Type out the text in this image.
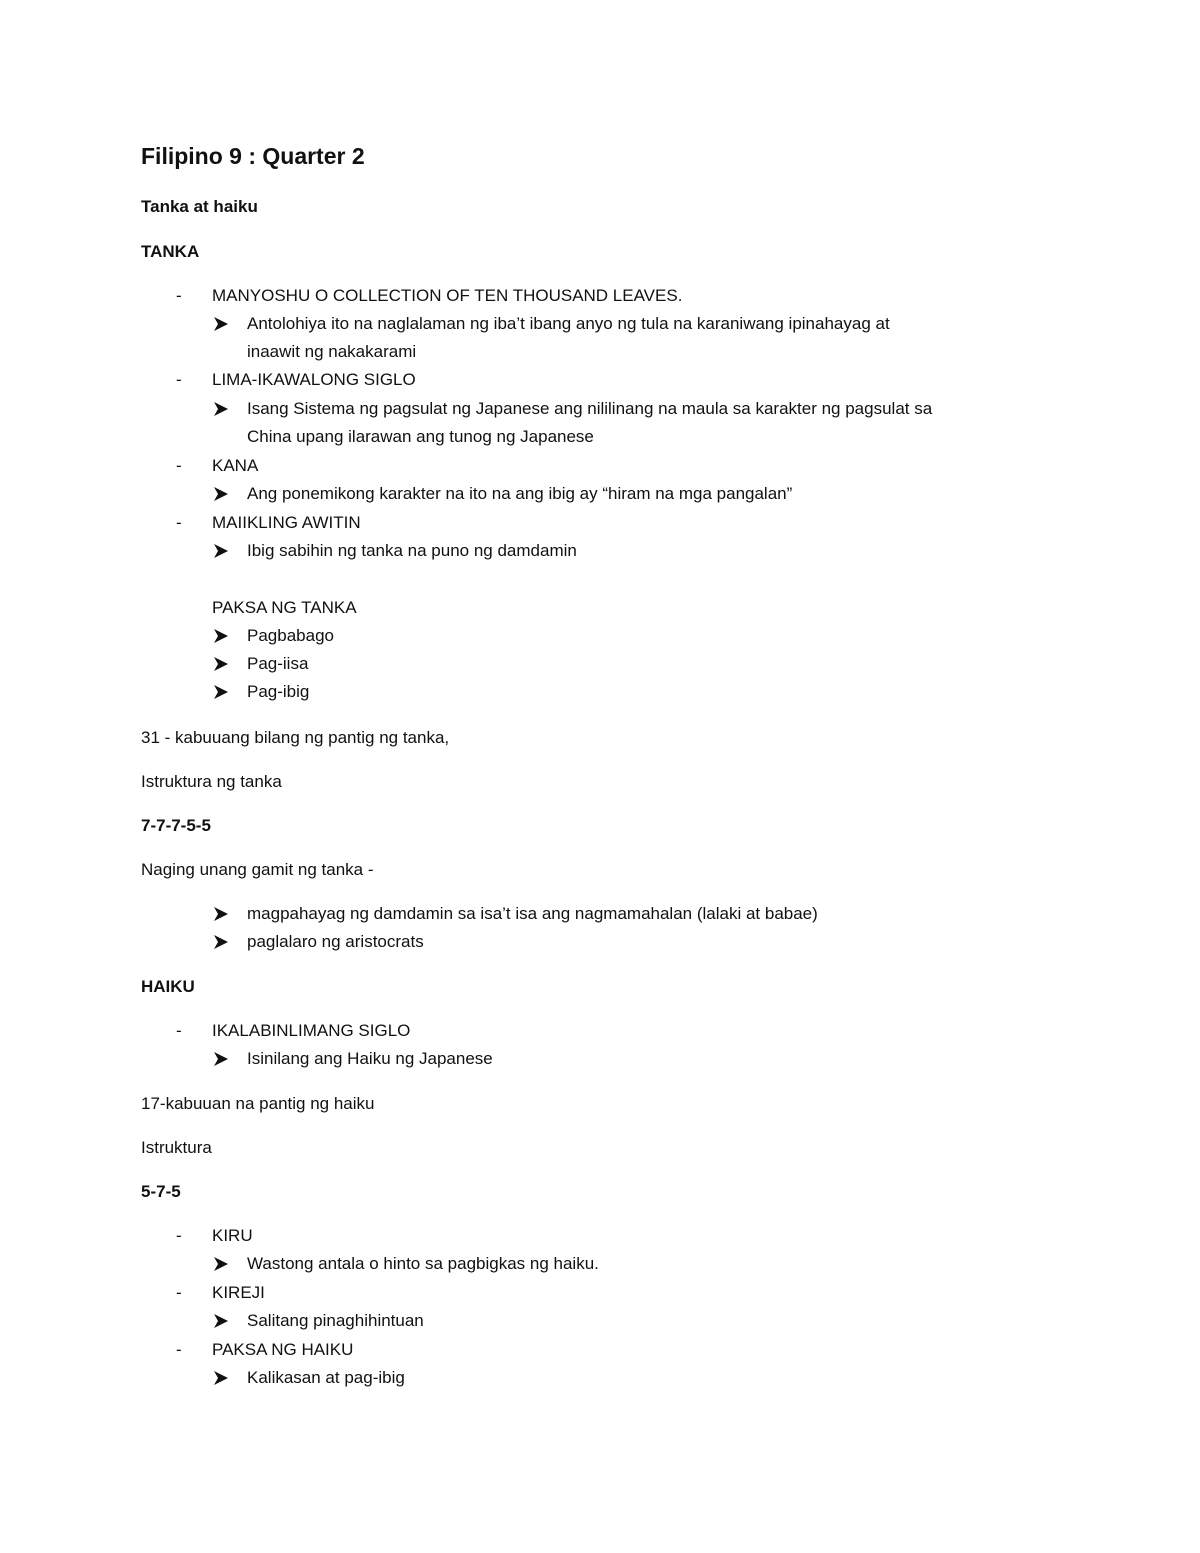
Filipino 9 : Quarter 2
Tanka at haiku
TANKA
- MANYOSHU O COLLECTION OF TEN THOUSAND LEAVES.
Antolohiya ito na naglalaman ng iba’t ibang anyo ng tula na karaniwang ipinahayag at
inaawit ng nakakarami
- LIMA-IKAWALONG SIGLO
Isang Sistema ng pagsulat ng Japanese ang nililinang na maula sa karakter ng pagsulat sa
China upang ilarawan ang tunog ng Japanese
- KANA
Ang ponemikong karakter na ito na ang ibig ay “hiram na mga pangalan”
- MAIIKLING AWITIN
Ibig sabihin ng tanka na puno ng damdamin
PAKSA NG TANKA
Pagbabago
Pag-iisa
Pag-ibig
31 - kabuuang bilang ng pantig ng tanka,
Istruktura ng tanka
7-7-7-5-5
Naging unang gamit ng tanka -
magpahayag ng damdamin sa isa’t isa ang nagmamahalan (lalaki at babae)
paglalaro ng aristocrats
HAIKU
- IKALABINLIMANG SIGLO
Isinilang ang Haiku ng Japanese
17-kabuuan na pantig ng haiku
Istruktura
5-7-5
- KIRU
Wastong antala o hinto sa pagbigkas ng haiku.
- KIREJI
Salitang pinaghihintuan
- PAKSA NG HAIKU
Kalikasan at pag-ibig
